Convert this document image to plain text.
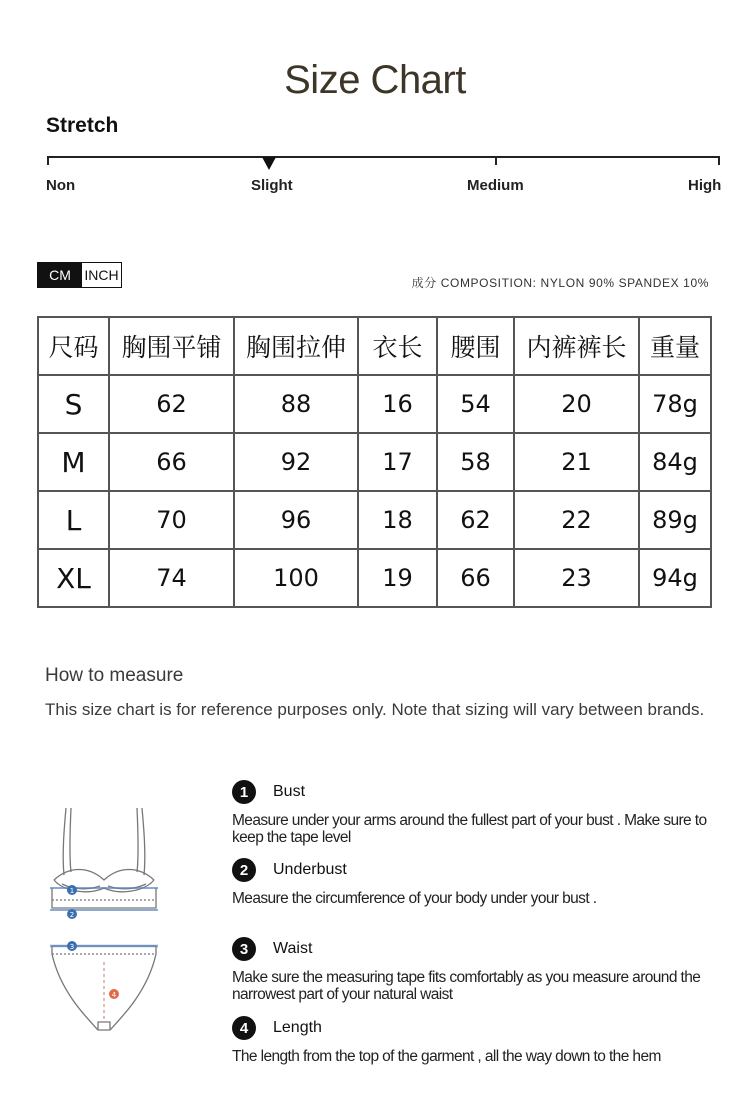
Size Chart
Stretch
Non	Slight	Medium	High
CM INCH	成分 COMPOSITION: NYLON 90% SPANDEX 10%
尺码	胸围平铺	胸围拉伸	衣长	腰围	内裤裤长	重量
S	62	88	16	54	20	78g
M	66	92	17	58	21	84g
L	70	96	18	62	22	89g
XL	74	100	19	66	23	94g
How to measure
This size chart is for reference purposes only. Note that sizing will vary between brands.
1
2
3
4
1	Bust
Measure under your arms around the fullest part of your bust . Make sure to keep the tape level
2	Underbust
Measure the circumference of your body under your bust .
3	Waist
Make sure the measuring tape fits comfortably as you measure around the narrowest part of your natural waist
4	Length
The length from the top of the garment , all the way down to the hem
